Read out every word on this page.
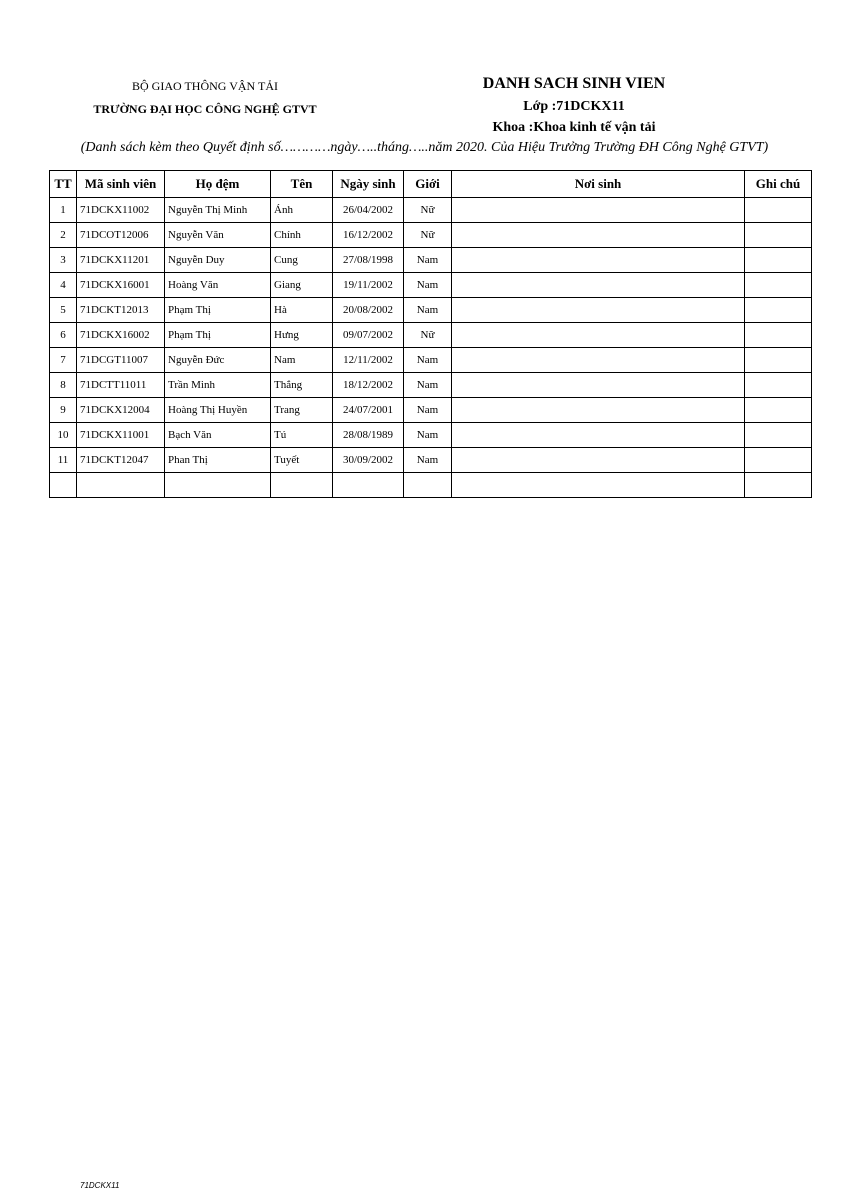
BỘ GIAO THÔNG VẬN TẢI
TRƯỜNG ĐẠI HỌC CÔNG NGHỆ GTVT
DANH SACH SINH VIEN
Lớp :71DCKX11
Khoa :Khoa kinh tế vận tải
(Danh sách kèm theo Quyết định số…………ngày…..tháng…..năm 2020. Của Hiệu Trưởng Trường ĐH Công Nghệ GTVT)
TT	Mã sinh viên	Họ đệm	Tên	Ngày sinh	Giới	Nơi sinh	Ghi chú
1	71DCKX11002	Nguyễn Thị Minh	Ánh	26/04/2002	Nữ		
2	71DCOT12006	Nguyễn Văn	Chính	16/12/2002	Nữ		
3	71DCKX11201	Nguyễn Duy	Cung	27/08/1998	Nam		
4	71DCKX16001	Hoàng Văn	Giang	19/11/2002	Nam		
5	71DCKT12013	Phạm Thị	Hà	20/08/2002	Nam		
6	71DCKX16002	Phạm Thị	Hưng	09/07/2002	Nữ		
7	71DCGT11007	Nguyễn Đức	Nam	12/11/2002	Nam		
8	71DCTT11011	Trần Minh	Thắng	18/12/2002	Nam		
9	71DCKX12004	Hoàng Thị Huyền	Trang	24/07/2001	Nam		
10	71DCKX11001	Bạch Văn	Tú	28/08/1989	Nam		
11	71DCKT12047	Phan Thị	Tuyết	30/09/2002	Nam		

71DCKX11
